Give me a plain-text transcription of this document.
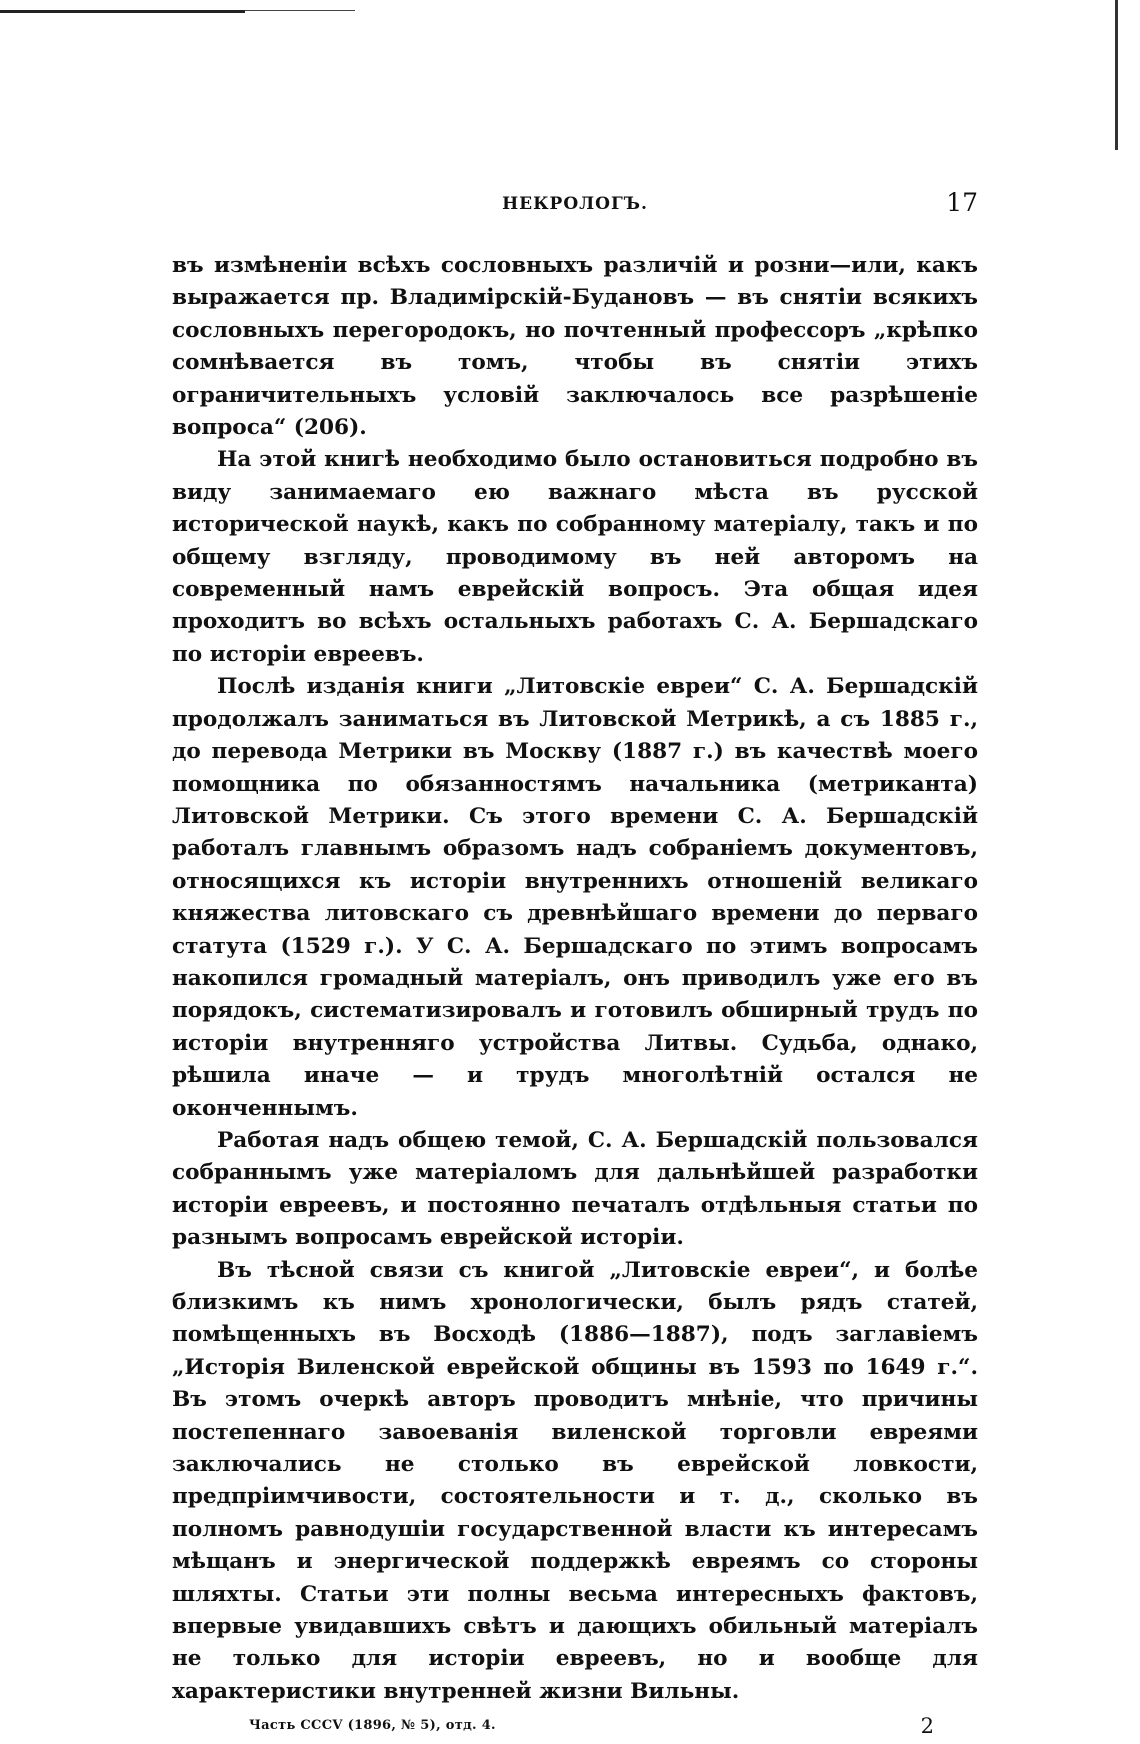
НЕКРОЛОГЪ.	17

въ измѣненіи всѣхъ сословныхъ различій и розни—или, какъ выражается пр. Владимірскій-Будановъ — въ снятіи всякихъ сословныхъ перегородокъ, но почтенный профессоръ „крѣпко сомнѣвается въ томъ, чтобы въ снятіи этихъ ограничительныхъ условій заключалось все разрѣшеніе вопроса“ (206).

На этой книгѣ необходимо было остановиться подробно въ виду занимаемаго ею важнаго мѣста въ русской исторической наукѣ, какъ по собранному матеріалу, такъ и по общему взгляду, проводимому въ ней авторомъ на современный намъ еврейскій вопросъ. Эта общая идея проходитъ во всѣхъ остальныхъ работахъ С. А. Бершадскаго по исторіи евреевъ.

Послѣ изданія книги „Литовскіе евреи“ С. А. Бершадскій продолжалъ заниматься въ Литовской Метрикѣ, а съ 1885 г., до перевода Метрики въ Москву (1887 г.) въ качествѣ моего помощника по обязанностямъ начальника (метриканта) Литовской Метрики. Съ этого времени С. А. Бершадскій работалъ главнымъ образомъ надъ собраніемъ документовъ, относящихся къ исторіи внутреннихъ отношеній великаго княжества литовскаго съ древнѣйшаго времени до перваго статута (1529 г.). У С. А. Бершадскаго по этимъ вопросамъ накопился громадный матеріалъ, онъ приводилъ уже его въ порядокъ, систематизировалъ и готовилъ обширный трудъ по исторіи внутренняго устройства Литвы. Судьба, однако, рѣшила иначе — и трудъ многолѣтній остался не оконченнымъ.

Работая надъ общею темой, С. А. Бершадскій пользовался собраннымъ уже матеріаломъ для дальнѣйшей разработки исторіи евреевъ, и постоянно печаталъ отдѣльныя статьи по разнымъ вопросамъ еврейской исторіи.

Въ тѣсной связи съ книгой „Литовскіе евреи“, и болѣе близкимъ къ нимъ хронологически, былъ рядъ статей, помѣщенныхъ въ Восходѣ (1886—1887), подъ заглавіемъ „Исторія Виленской еврейской общины въ 1593 по 1649 г.“. Въ этомъ очеркѣ авторъ проводитъ мнѣніе, что причины постепеннаго завоеванія виленской торговли евреями заключались не столько въ еврейской ловкости, предпріимчивости, состоятельности и т. д., сколько въ полномъ равнодушіи государственной власти къ интересамъ мѣщанъ и энергической поддержкѣ евреямъ со стороны шляхты. Статьи эти полны весьма интересныхъ фактовъ, впервые увидавшихъ свѣтъ и дающихъ обильный матеріалъ не только для исторіи евреевъ, но и вообще для характеристики внутренней жизни Вильны.

Часть CCCV (1896, № 5), отд. 4.	2
